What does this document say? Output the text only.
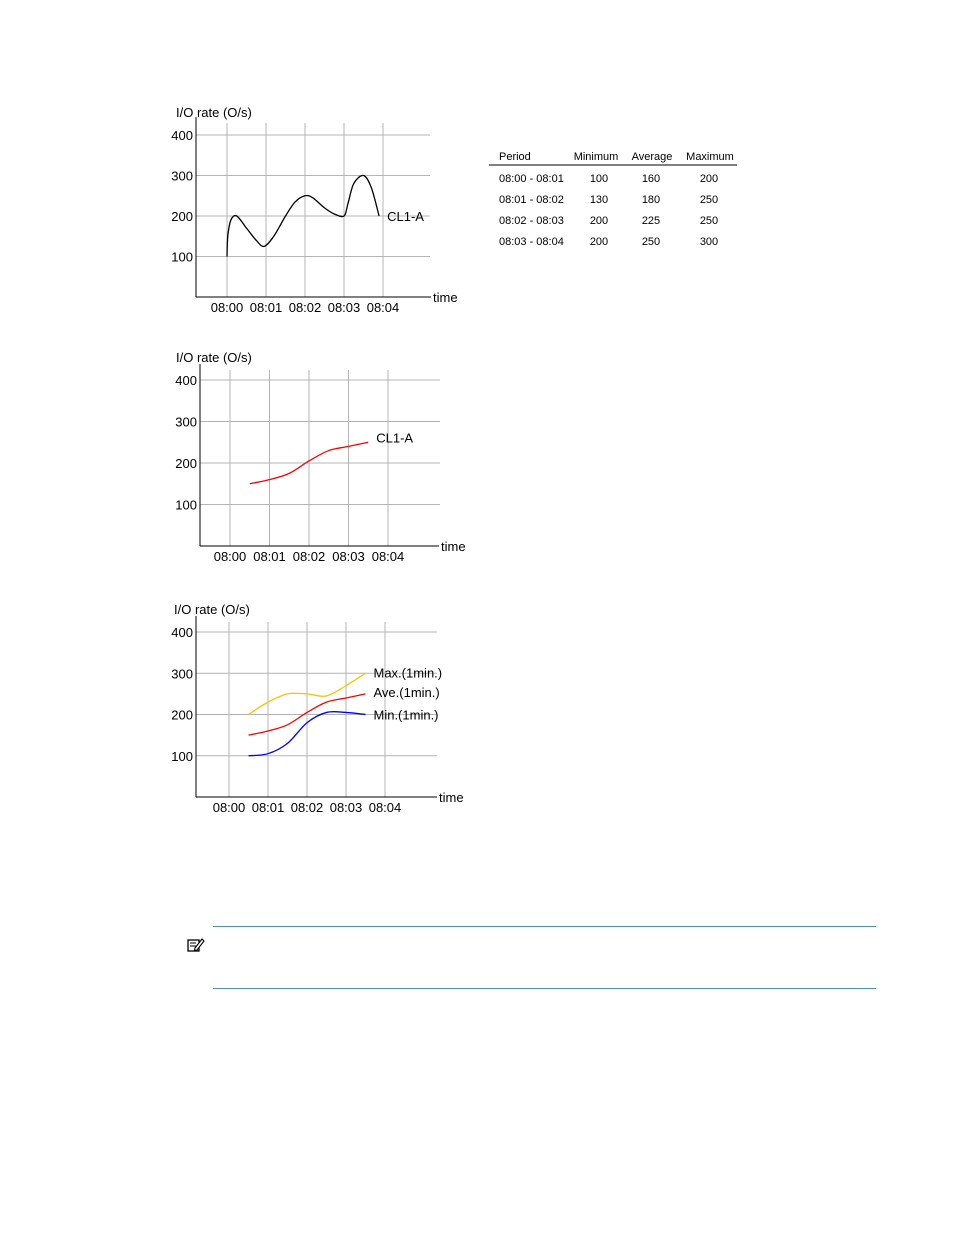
I/O rate (O/s)
time
400
300
200
100
08:00 08:01 08:02 08:03 08:04
CL1-A
I/O rate (O/s)
time
400
300
200
100
08:00 08:01 08:02 08:03 08:04
CL1-A
I/O rate (O/s)
time
400
300
200
100
08:00 08:01 08:02 08:03 08:04
Max.(1min.)
Ave.(1min.)
Min.(1min.)
Period	Minimum Average Maximum
08:00 - 08:01 100	160	200
08:01 - 08:02 130	180	250
08:02 - 08:03 200	225	250
08:03 - 08:04 200	250	300
